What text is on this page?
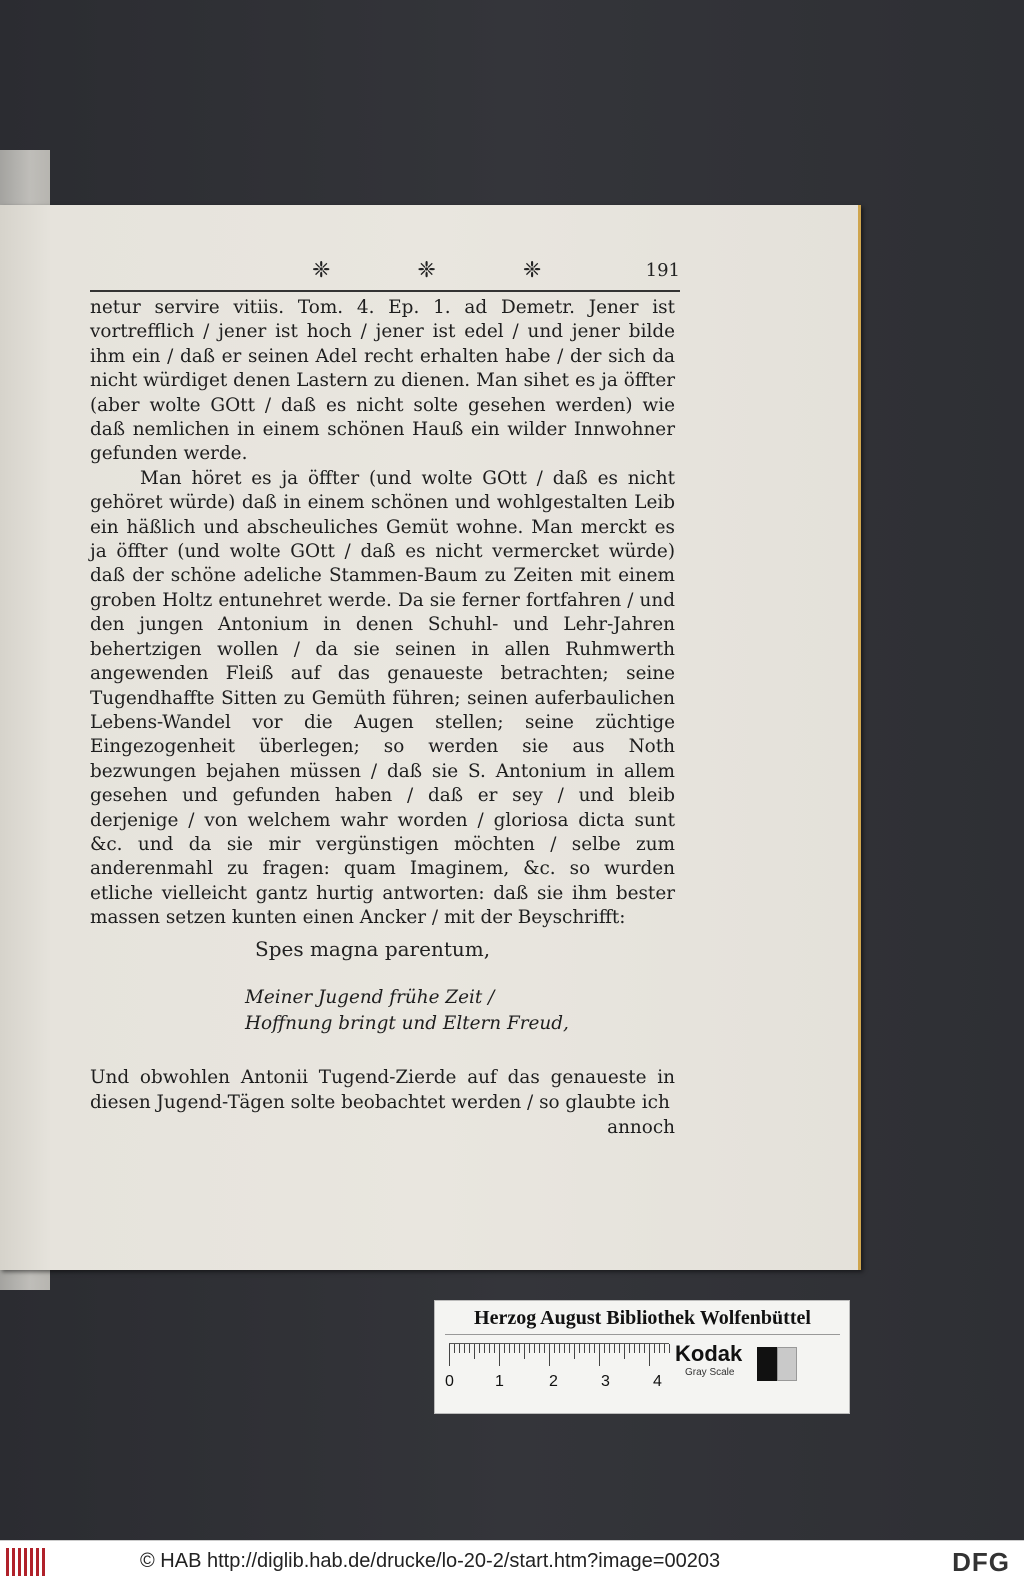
❈ ❈ ❈	191

netur servire vitiis. Tom. 4. Ep. 1. ad Demetr. Jener ist vortrefflich / jener ist hoch / jener ist edel / und jener bilde ihm ein / daß er seinen Adel recht erhalten habe / der sich da nicht würdiget denen Lastern zu dienen. Man sihet es ja öffter (aber wolte GOtt / daß es nicht solte gesehen werden) wie daß nemlichen in einem schönen Hauß ein wilder Innwohner gefunden werde.

Man höret es ja öffter (und wolte GOtt / daß es nicht gehöret würde) daß in einem schönen und wohlgestalten Leib ein häßlich und abscheuliches Gemüt wohne. Man merckt es ja öffter (und wolte GOtt / daß es nicht vermercket würde) daß der schöne adeliche Stammen-Baum zu Zeiten mit einem groben Holtz entunehret werde. Da sie ferner fortfahren / und den jungen Antonium in denen Schuhl- und Lehr-Jahren behertzigen wollen / da sie seinen in allen Ruhmwerth angewenden Fleiß auf das genaueste betrachten; seine Tugendhaffte Sitten zu Gemüth führen; seinen auferbaulichen Lebens-Wandel vor die Augen stellen; seine züchtige Eingezogenheit überlegen; so werden sie aus Noth bezwungen bejahen müssen / daß sie S. Antonium in allem gesehen und gefunden haben / daß er sey / und bleib derjenige / von welchem wahr worden / gloriosa dicta sunt &c. und da sie mir vergünstigen möchten / selbe zum anderenmahl zu fragen: quam Imaginem, &c. so wurden etliche vielleicht gantz hurtig antworten: daß sie ihm bester massen setzen kunten einen Ancker / mit der Beyschrifft:

Spes magna parentum,
Meiner Jugend frühe Zeit /
Hoffnung bringt und Eltern Freud,
Und obwohlen Antonii Tugend-Zierde auf das genaueste in diesen Jugend-Tägen solte beobachtet werden / so glaubte ich
annoch
Herzog August Bibliothek Wolfenbüttel
0	1	2	3	4
Kodak
Gray Scale
© HAB http://diglib.hab.de/drucke/lo-20-2/start.htm?image=00203	DFG
